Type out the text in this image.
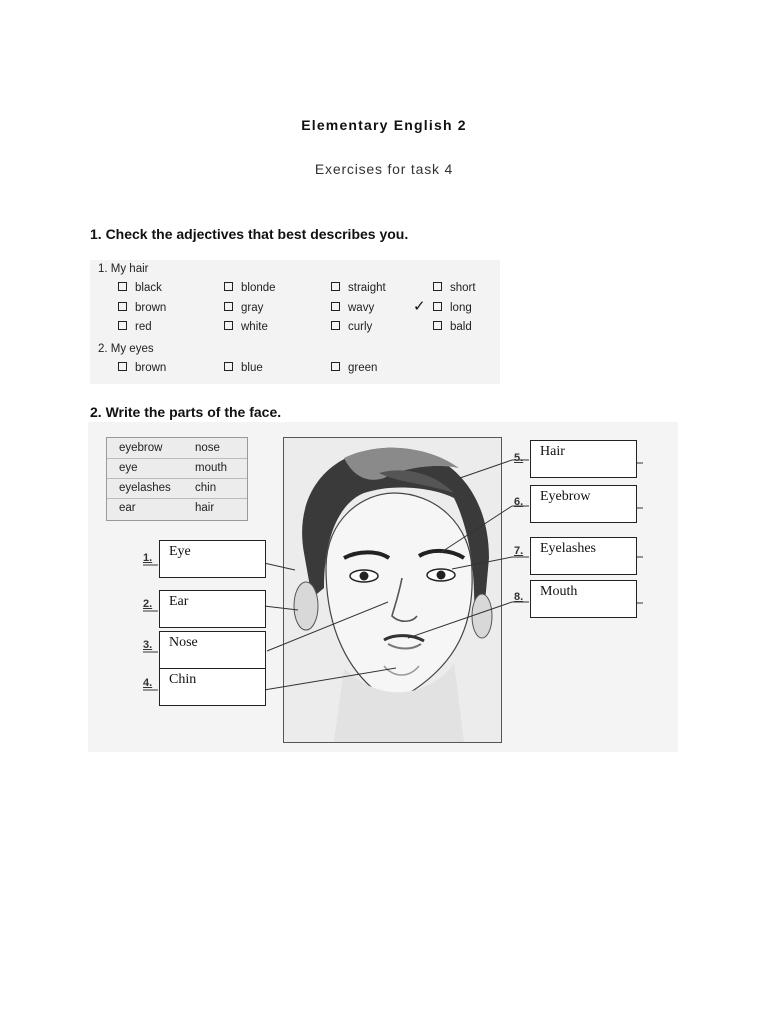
Elementary English 2
Exercises for task 4
1. Check the adjectives that best describes you.
1. My hair
black	blonde	straight	short
brown	gray	wavy	✓	long
red	white	curly	bald
2. My eyes
brown	blue	green
2. Write the parts of the face.
eyebrow	nose
eye	mouth
eyelashes chin
ear	hair
1.
2.
3.
4.
5.
6.
7.
8.
Eye
Ear
Nose
Chin
Hair
Eyebrow
Eyelashes
Mouth
